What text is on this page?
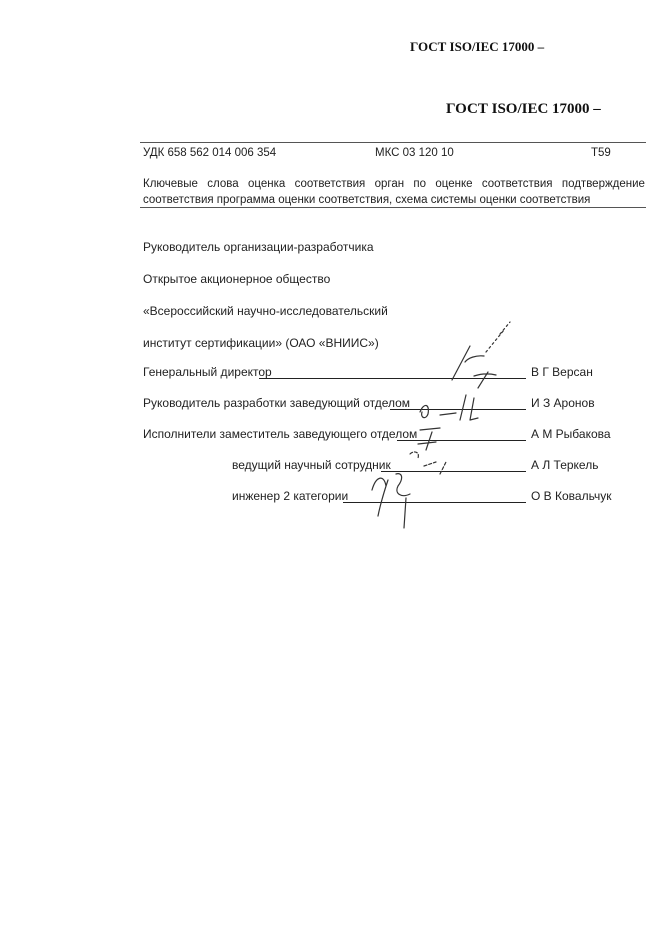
ГОСТ ISO/IEC 17000 –
ГОСТ ISO/IEC 17000 –
УДК 658 562 014 006 354	МКС 03 120 10	T59
Ключевые слова оценка соответствия орган по оценке соответствия подтверждение
соответствия программа оценки соответствия, схема системы оценки соответствия
Руководитель организации-разработчика
Открытое акционерное общество
«Всероссийский научно-исследовательский
институт сертификации» (ОАО «ВНИИС»)
Генеральный директор	В Г Версан
Руководитель разработки заведующий отделом	И З Аронов
Исполнители заместитель заведующего отделом	А М Рыбакова
ведущий научный сотрудник	А Л Теркель
инженер 2 категории	О В Ковальчук
